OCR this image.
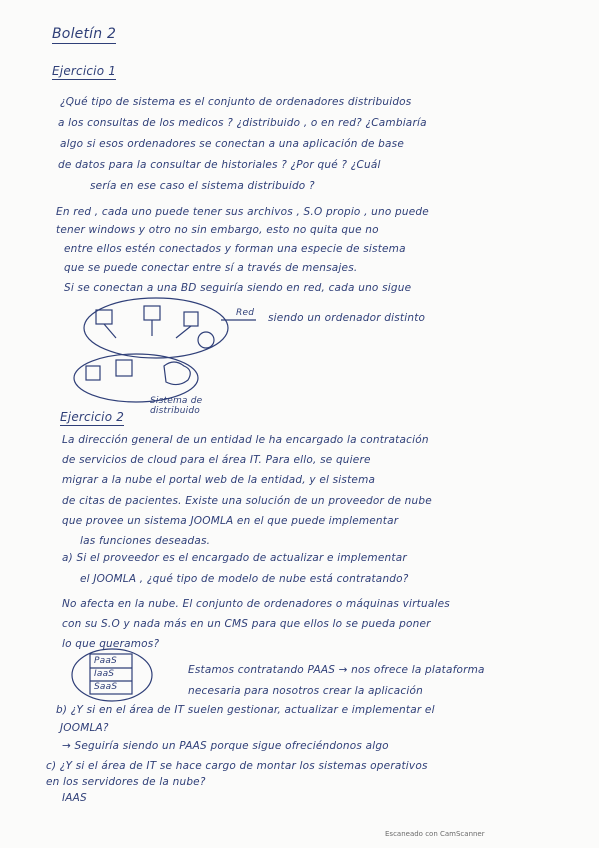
Boletín 2
Ejercicio 1
¿Qué tipo de sistema es el conjunto de ordenadores distribuidos
a los consultas de los medicos ? ¿distribuido , o en red? ¿Cambiaría
algo si esos ordenadores se conectan a una aplicación de base
de datos para la consultar de historiales ? ¿Por qué ? ¿Cuál
sería en ese caso el sistema distribuido ?
En red , cada uno puede tener sus archivos , S.O propio , uno puede
tener windows y otro no sin embargo, esto no quita que no
entre ellos estén conectados y forman una especie de sistema
que se puede conectar entre sí a través de mensajes.
Si se conectan a una BD seguiría siendo en red, cada uno sigue
siendo un ordenador distinto
Red
Sistema de distribuido
Ejercicio 2
La dirección general de un entidad le ha encargado la contratación
de servicios de cloud para el área IT. Para ello, se quiere
migrar a la nube el portal web de la entidad, y el sistema
de citas de pacientes. Existe una solución de un proveedor de nube
que provee un sistema JOOMLA en el que puede implementar
las funciones deseadas.
a) Si el proveedor es el encargado de actualizar e implementar
el JOOMLA , ¿qué tipo de modelo de nube está contratando?
No afecta en la nube. El conjunto de ordenadores o máquinas virtuales
con su S.O y nada más en un CMS para que ellos lo se pueda poner
lo que queramos?
PaaS
IaaS
SaaS
Estamos contratando PAAS → nos ofrece la plataforma
necesaria para nosotros crear la aplicación
b) ¿Y si en el área de IT suelen gestionar, actualizar e implementar el
JOOMLA?
→ Seguiría siendo un PAAS porque sigue ofreciéndonos algo
c) ¿Y si el área de IT se hace cargo de montar los sistemas operativos
en los servidores de la nube?
IAAS
Escaneado con CamScanner
